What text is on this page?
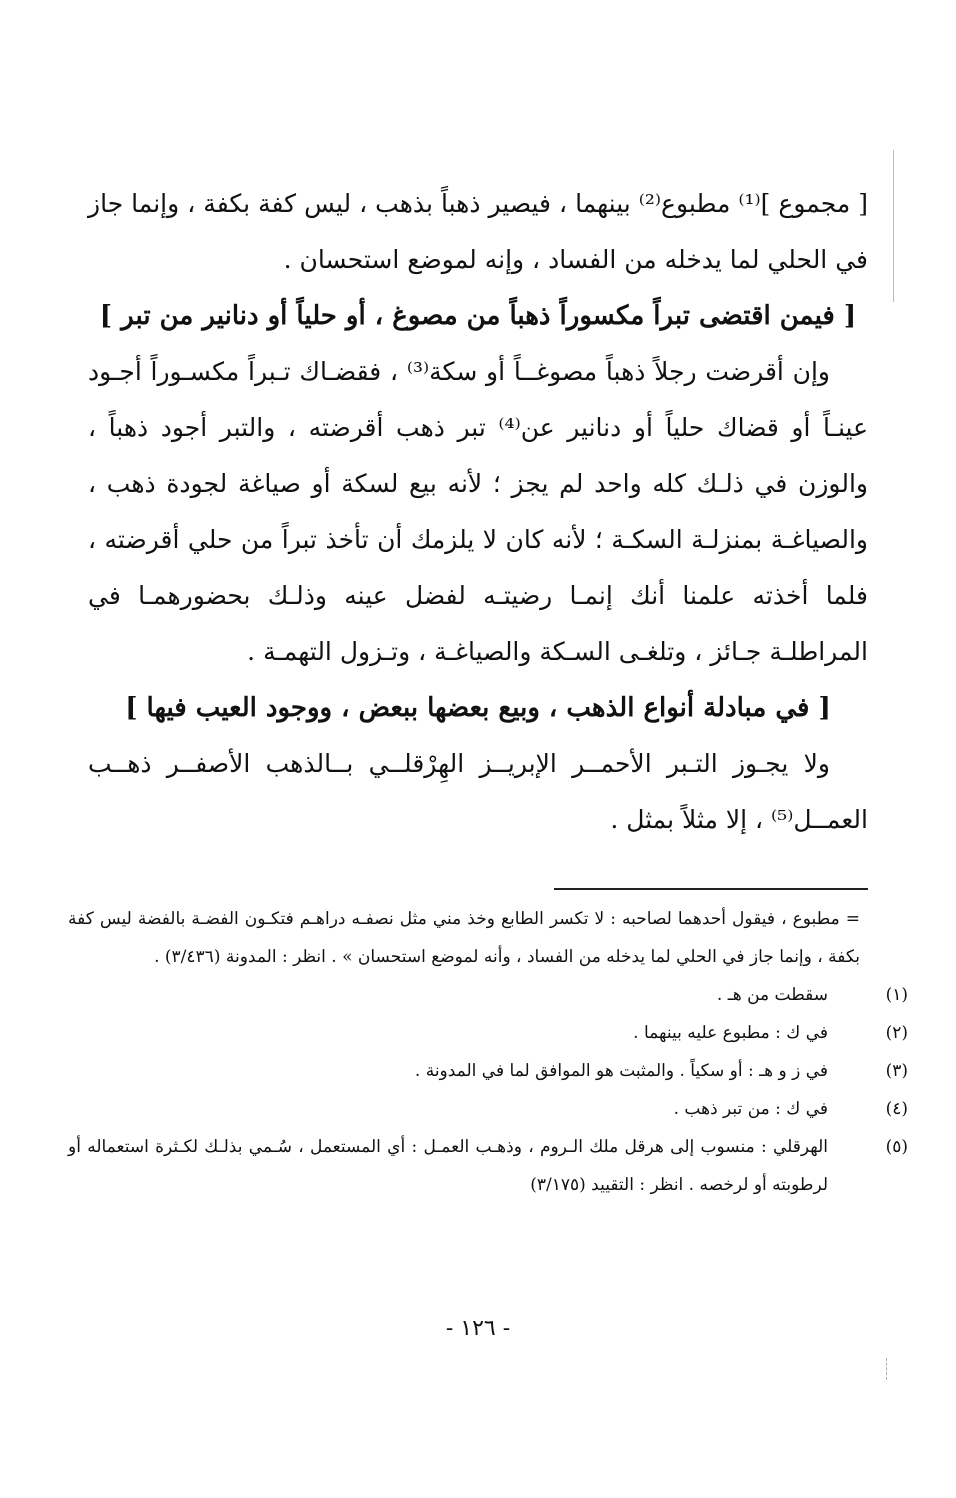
[ مجموع ]⁽¹⁾ مطبوع⁽²⁾ بينهما ، فيصير ذهباً بذهب ، ليس كفة بكفة ، وإنما جاز في الحلي لما يدخله من الفساد ، وإنه لموضع استحسان .

[ فيمن اقتضى تبراً مكسوراً ذهباً من مصوغ ، أو حلياً أو دنانير من تبر ]

وإن أقرضت رجلاً ذهباً مصوغــاً أو سكة⁽³⁾ ، فقضـاك تـبراً مكسـوراً أجـود عينـاً أو قضاك حلياً أو دنانير عن⁽⁴⁾ تبر ذهب أقرضته ، والتبر أجود ذهباً ، والوزن في ذلـك كله واحد لم يجز ؛ لأنه بيع لسكة أو صياغة لجودة ذهب ، والصياغـة بمنزلـة السكـة ؛ لأنه كان لا يلزمك أن تأخذ تبراً من حلي أقرضته ، فلما أخذته علمنا أنك إنمـا رضيتـه لفضل عينه وذلـك بحضورهمـا في المراطلـة جـائز ، وتلغـى السـكة والصياغـة ، وتـزول التهمـة .

[ في مبادلة أنواع الذهب ، وبيع بعضها ببعض ، ووجود العيب فيها ]

ولا يجـوز التـبر الأحمــر الإبريــز الهِرْقلــي بــالذهب الأصفــر ذهــب العمــل⁽⁵⁾ ، إلا مثلاً بمثل .

= مطبوع ، فيقول أحدهما لصاحبه : لا تكسر الطابع وخذ مني مثل نصفـه دراهـم فتكـون الفضـة بالفضة ليس كفة بكفة ، وإنما جاز في الحلي لما يدخله من الفساد ، وأنه لموضع استحسان » . انظر : المدونة (٣/٤٣٦) .

(١)سقطت من هـ .

(٢)في ك : مطبوع عليه بينهما .

(٣)في ز و هـ : أو سكياً . والمثبت هو الموافق لما في المدونة .

(٤)في ك : من تبر ذهب .

(٥)الهرقلي : منسوب إلى هرقل ملك الـروم ، وذهـب العمـل : أي المستعمل ، سُـمي بذلـك لكـثرة استعماله أو لرطوبته أو لرخصه . انظر : التقييد (٣/١٧٥)

- ١٢٦ -
